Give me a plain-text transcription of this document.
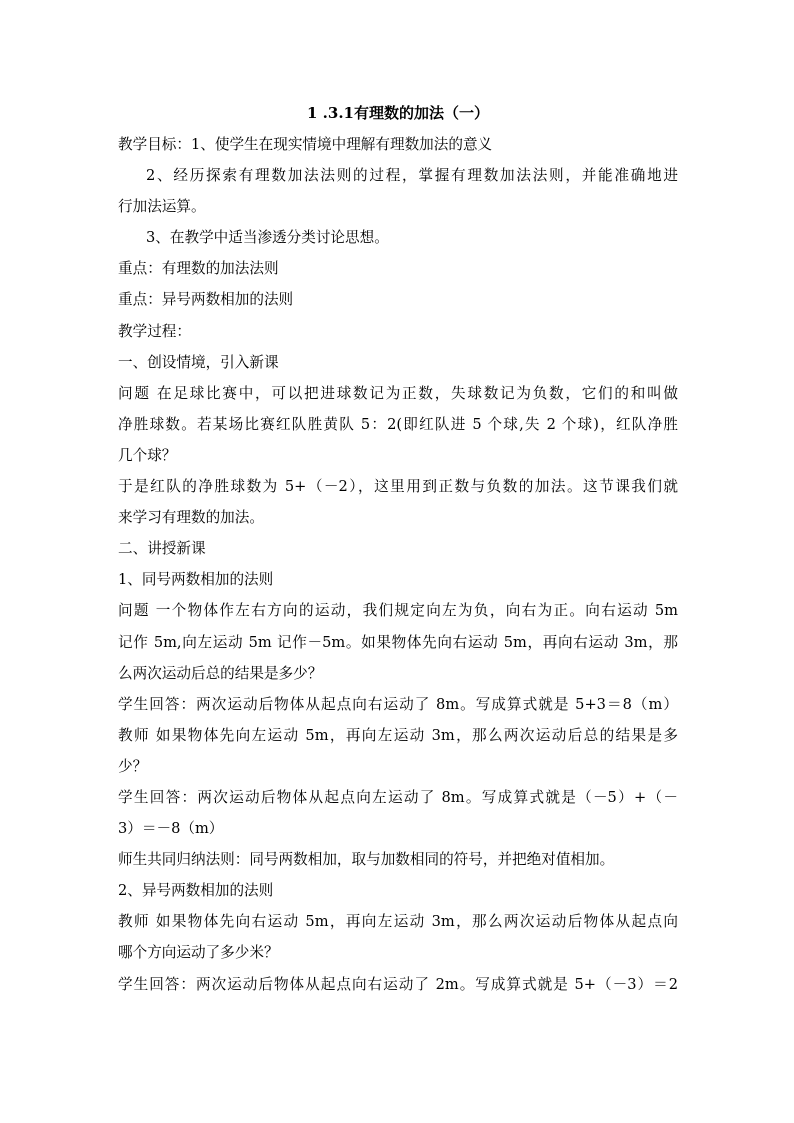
1 .3.1有理数的加法（一）
教学目标：1、使学生在现实情境中理解有理数加法的意义
2、经历探索有理数加法法则的过程，掌握有理数加法法则，并能准确地进
行加法运算。
3、在教学中适当渗透分类讨论思想。
重点：有理数的加法法则
重点：异号两数相加的法则
教学过程：
一、创设情境，引入新课
问题 在足球比赛中，可以把进球数记为正数，失球数记为负数，它们的和叫做
净胜球数。若某场比赛红队胜黄队 5：2(即红队进 5 个球,失 2 个球)，红队净胜
几个球？
于是红队的净胜球数为 5+（－2），这里用到正数与负数的加法。这节课我们就
来学习有理数的加法。
二、讲授新课
1、同号两数相加的法则
问题 一个物体作左右方向的运动，我们规定向左为负，向右为正。向右运动 5m
记作 5m,向左运动 5m 记作－5m。如果物体先向右运动 5m，再向右运动 3m，那
么两次运动后总的结果是多少？
学生回答：两次运动后物体从起点向右运动了 8m。写成算式就是 5+3＝8（m）
教师 如果物体先向左运动 5m，再向左运动 3m，那么两次运动后总的结果是多
少？
学生回答：两次运动后物体从起点向左运动了 8m。写成算式就是（－5）+（－
3）＝－8（m）
师生共同归纳法则：同号两数相加，取与加数相同的符号，并把绝对值相加。
2、异号两数相加的法则
教师 如果物体先向右运动 5m，再向左运动 3m，那么两次运动后物体从起点向
哪个方向运动了多少米？
学生回答：两次运动后物体从起点向右运动了 2m。写成算式就是 5+（－3）＝2
